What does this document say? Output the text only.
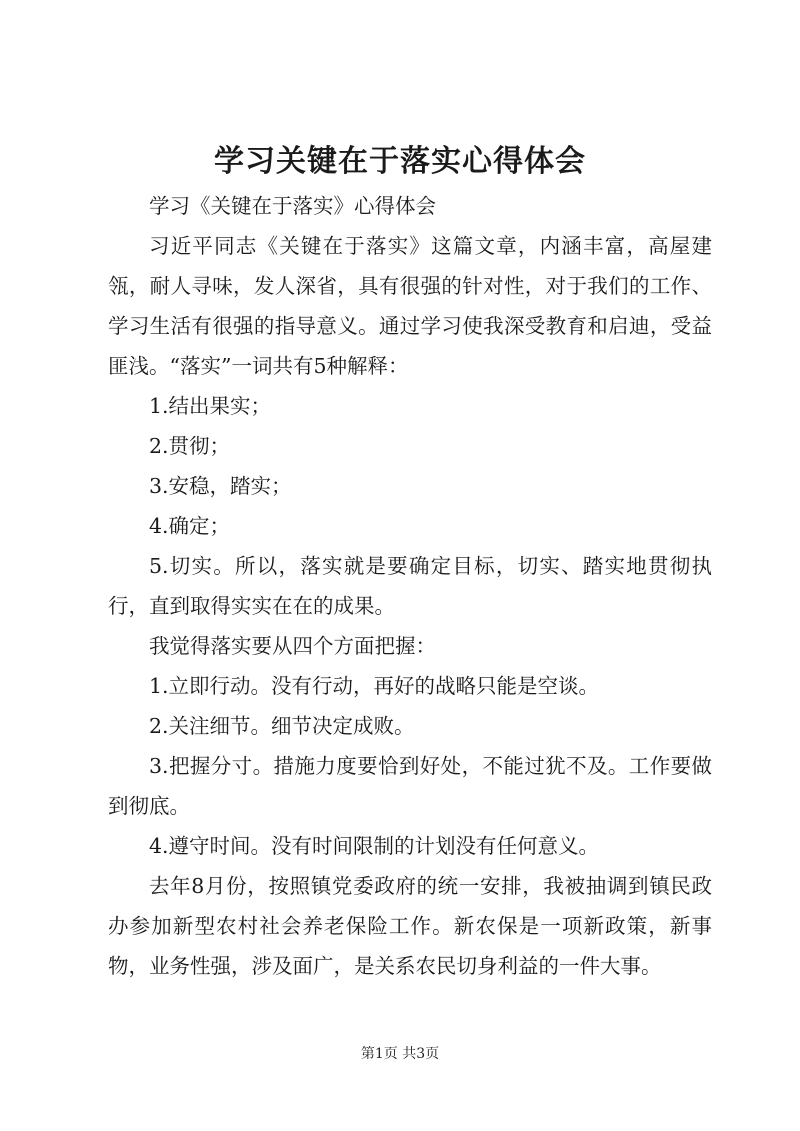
学习关键在于落实心得体会

学习《关键在于落实》心得体会

习近平同志《关键在于落实》这篇文章，内涵丰富，高屋建瓴，耐人寻味，发人深省，具有很强的针对性，对于我们的工作、学习生活有很强的指导意义。通过学习使我深受教育和启迪，受益匪浅。“落实”一词共有5种解释：

1.结出果实；

2.贯彻；

3.安稳，踏实；

4.确定；

5.切实。所以，落实就是要确定目标，切实、踏实地贯彻执行，直到取得实实在在的成果。

我觉得落实要从四个方面把握：

1.立即行动。没有行动，再好的战略只能是空谈。

2.关注细节。细节决定成败。

3.把握分寸。措施力度要恰到好处，不能过犹不及。工作要做到彻底。

4.遵守时间。没有时间限制的计划没有任何意义。

去年8月份，按照镇党委政府的统一安排，我被抽调到镇民政办参加新型农村社会养老保险工作。新农保是一项新政策，新事物，业务性强，涉及面广，是关系农民切身利益的一件大事。

第1页 共3页
